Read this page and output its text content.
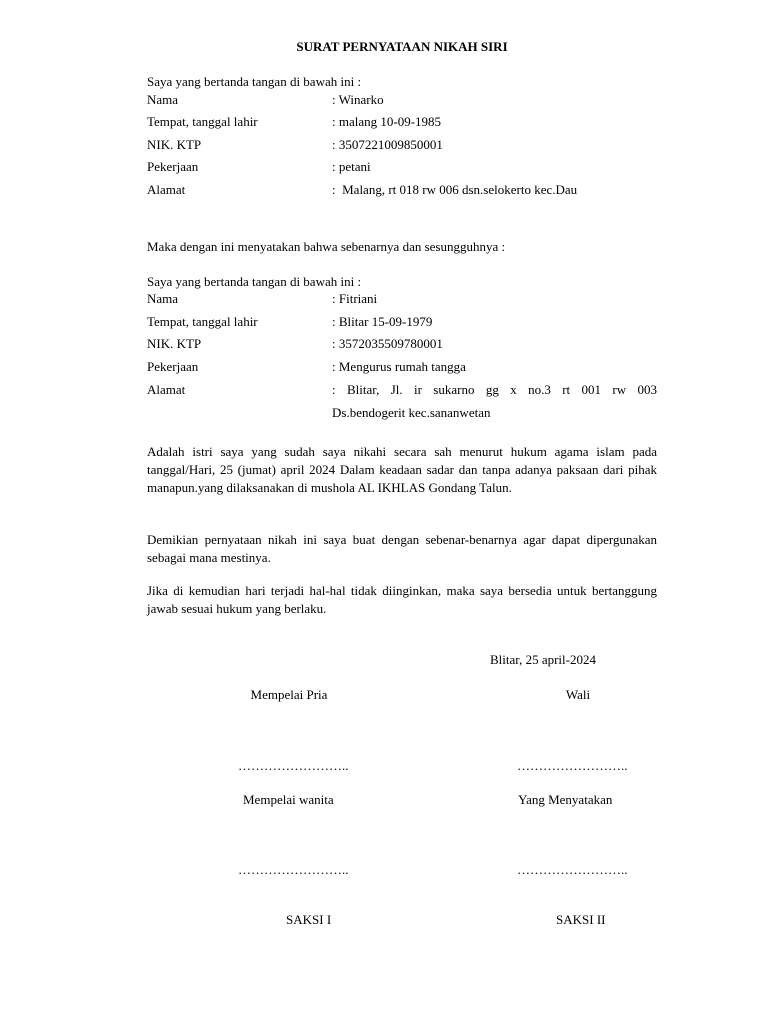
SURAT PERNYATAAN NIKAH SIRI
Saya yang bertanda tangan di bawah ini :
Nama	: Winarko
Tempat, tanggal lahir	: malang 10-09-1985
NIK. KTP	: 3507221009850001
Pekerjaan	: petani
Alamat	:  Malang, rt 018 rw 006 dsn.selokerto kec.Dau
Maka dengan ini menyatakan bahwa sebenarnya dan sesungguhnya :
Saya yang bertanda tangan di bawah ini :
Nama	: Fitriani
Tempat, tanggal lahir	: Blitar 15-09-1979
NIK. KTP	: 3572035509780001
Pekerjaan	: Mengurus rumah tangga
Alamat	: Blitar, Jl. ir sukarno gg x no.3 rt 001 rw 003
Ds.bendogerit kec.sananwetan
Adalah istri saya yang sudah saya nikahi secara sah menurut hukum agama islam pada tanggal/Hari, 25 (jumat) april 2024 Dalam keadaan sadar dan tanpa adanya paksaan dari pihak manapun.yang dilaksanakan di mushola AL IKHLAS Gondang Talun.
Demikian pernyataan nikah ini saya buat dengan sebenar-benarnya agar dapat dipergunakan sebagai mana mestinya.
Jika di kemudian hari terjadi hal-hal tidak diinginkan, maka saya bersedia untuk bertanggung jawab sesuai hukum yang berlaku.
Blitar, 25 april-2024
Mempelai Pria	Wali
……………………..	……………………..
Mempelai wanita	Yang Menyatakan
……………………..	……………………..
SAKSI I	SAKSI II
